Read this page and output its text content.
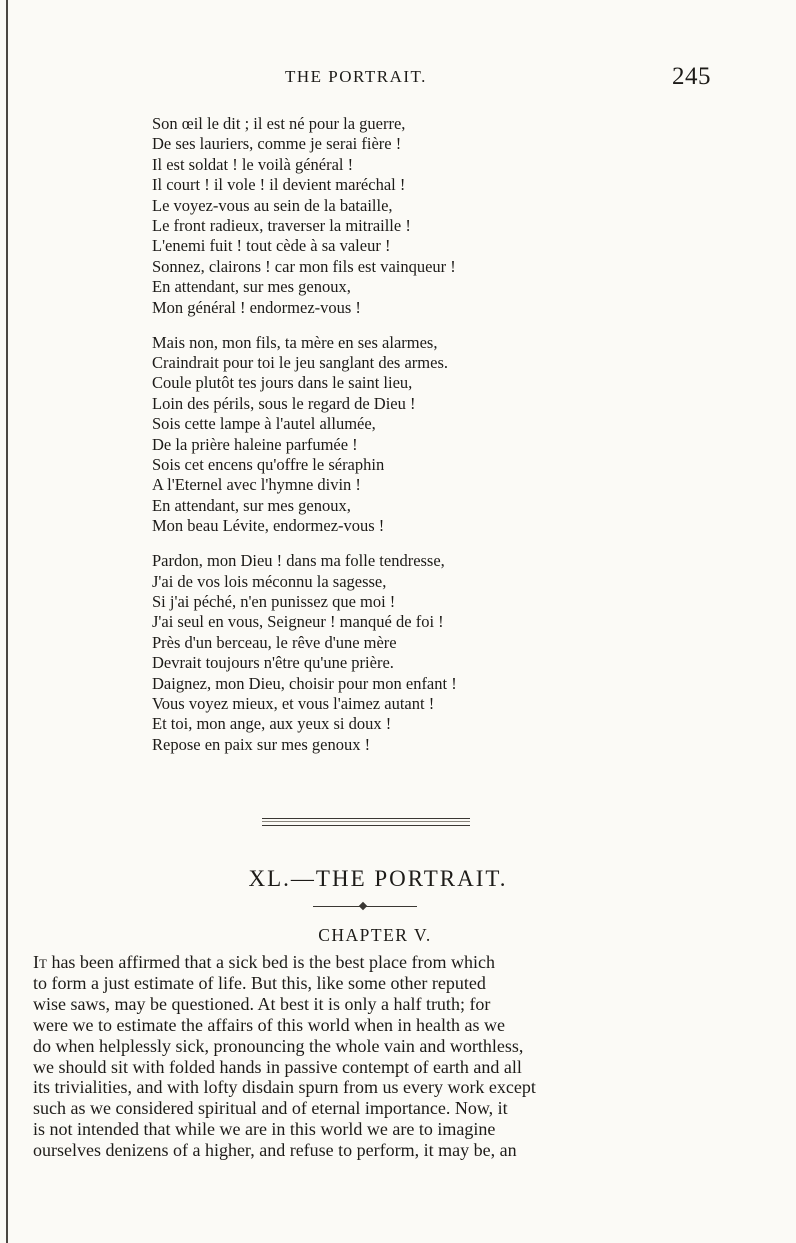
THE PORTRAIT.	245
Son œil le dit ; il est né pour la guerre,
De ses lauriers, comme je serai fière !
Il est soldat ! le voilà général !
Il court ! il vole ! il devient maréchal !
Le voyez-vous au sein de la bataille,
Le front radieux, traverser la mitraille !
L'enemi fuit ! tout cède à sa valeur !
Sonnez, clairons ! car mon fils est vainqueur !
En attendant, sur mes genoux,
Mon général ! endormez-vous !
Mais non, mon fils, ta mère en ses alarmes,
Craindrait pour toi le jeu sanglant des armes.
Coule plutôt tes jours dans le saint lieu,
Loin des périls, sous le regard de Dieu !
Sois cette lampe à l'autel allumée,
De la prière haleine parfumée !
Sois cet encens qu'offre le séraphin
A l'Eternel avec l'hymne divin !
En attendant, sur mes genoux,
Mon beau Lévite, endormez-vous !
Pardon, mon Dieu ! dans ma folle tendresse,
J'ai de vos lois méconnu la sagesse,
Si j'ai péché, n'en punissez que moi !
J'ai seul en vous, Seigneur ! manqué de foi !
Près d'un berceau, le rêve d'une mère
Devrait toujours n'être qu'une prière.
Daignez, mon Dieu, choisir pour mon enfant !
Vous voyez mieux, et vous l'aimez autant !
Et toi, mon ange, aux yeux si doux !
Repose en paix sur mes genoux !
XL.—THE PORTRAIT.
CHAPTER V.
It has been affirmed that a sick bed is the best place from which
to form a just estimate of life. But this, like some other reputed
wise saws, may be questioned. At best it is only a half truth; for
were we to estimate the affairs of this world when in health as we
do when helplessly sick, pronouncing the whole vain and worthless,
we should sit with folded hands in passive contempt of earth and all
its trivialities, and with lofty disdain spurn from us every work except
such as we considered spiritual and of eternal importance. Now, it
is not intended that while we are in this world we are to imagine
ourselves denizens of a higher, and refuse to perform, it may be, an
